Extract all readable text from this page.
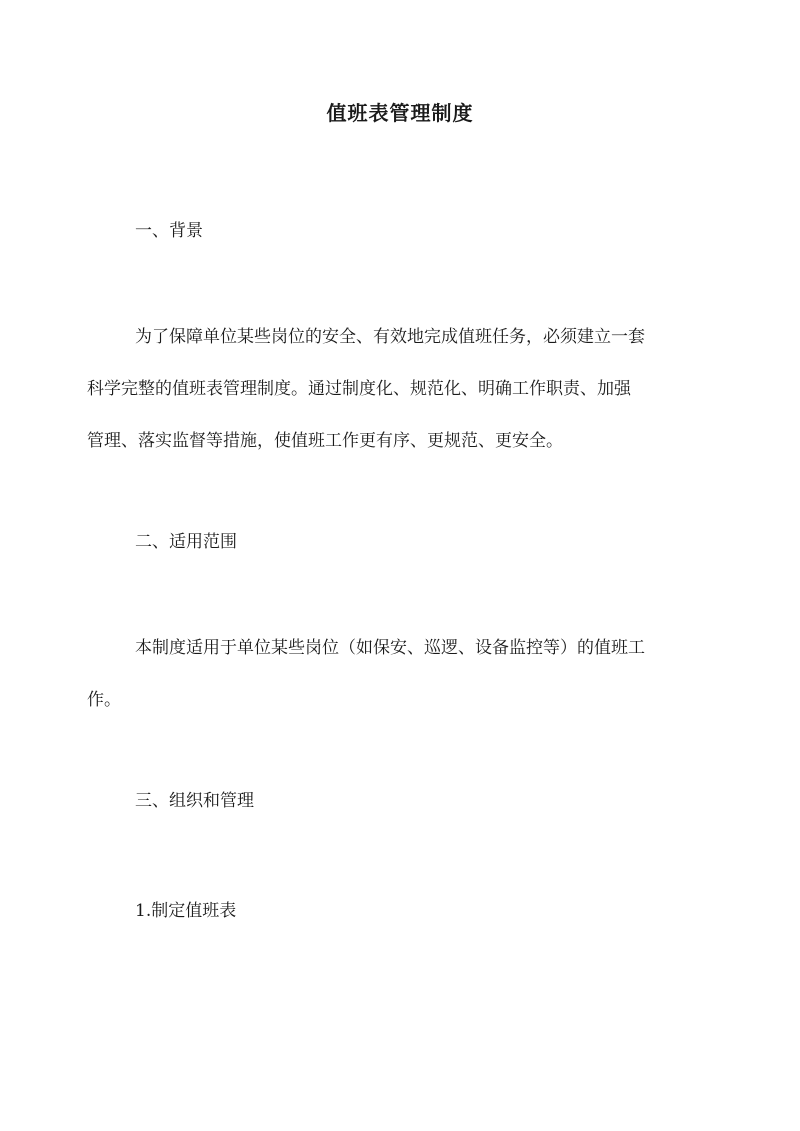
值班表管理制度
一、背景
为了保障单位某些岗位的安全、有效地完成值班任务，必须建立一套
科学完整的值班表管理制度。通过制度化、规范化、明确工作职责、加强
管理、落实监督等措施，使值班工作更有序、更规范、更安全。
二、适用范围
本制度适用于单位某些岗位（如保安、巡逻、设备监控等）的值班工
作。
三、组织和管理
1.制定值班表
